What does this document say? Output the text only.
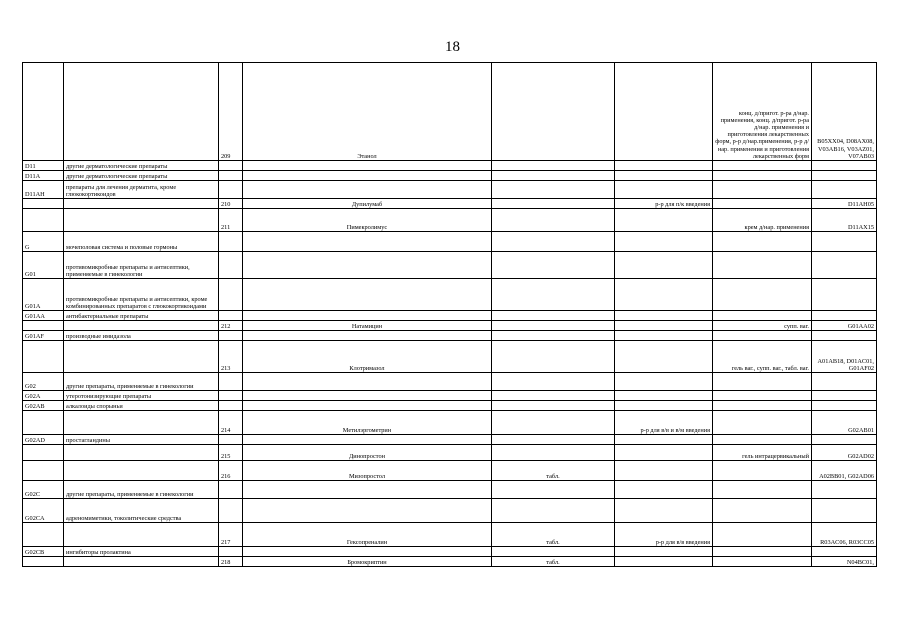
18
		209	Этанол			конц. д/пригот. р-ра д/нар. применения, конц. д/пригот. р-ра д/нар. применения и приготовления лекарственных форм, р-р д/нар.применения, р-р д/нар. применения и приготовления лекарственных форм	B05XX04, D08AX08, V03AB16, V03AZ01, V07AB03
D11	другие дерматологические препараты						
D11A	другие дерматологические препараты						
D11AH	препараты для лечения дерматита, кроме глюкокортикоидов						
		210	Дупилумаб		р-р для п/к введения		D11AH05
		211	Пимекролимус			крем д/нар. применения	D11AX15
G	мочеполовая система и половые гормоны						
G01	противомикробные препараты и антисептики, применяемые в гинекологии						
G01A	противомикробные препараты и антисептики, кроме комбинированных препаратов с глюкокортикоидами						
G01AA	антибактериальные препараты						
		212	Натамицин			супп. ваг.	G01AA02
G01AF	производные имидазола						
		213	Клотримазол			гель ваг., супп. ваг., табл. ваг.	A01AB18, D01AC01, G01AF02
G02	другие препараты, применяемые в гинекологии						
G02A	утеротонизирующие препараты						
G02AB	алкалоиды спорыньи						
		214	Метилэргометрин		р-р для в/в и в/м введения		G02AB01
G02AD	простагландины						
		215	Динопростон			гель интрацервикальный	G02AD02
		216	Мизопростол	табл.			A02BB01, G02AD06
G02C	другие препараты, применяемые в гинекологии						
G02CA	адреномиметики, токолитические средства						
		217	Гексопреналин	табл.	р-р для в/в введения		R03AC06, R03CC05
G02CB	ингибиторы пролактина						
		218	Бромокриптин	табл.			N04BC01,
